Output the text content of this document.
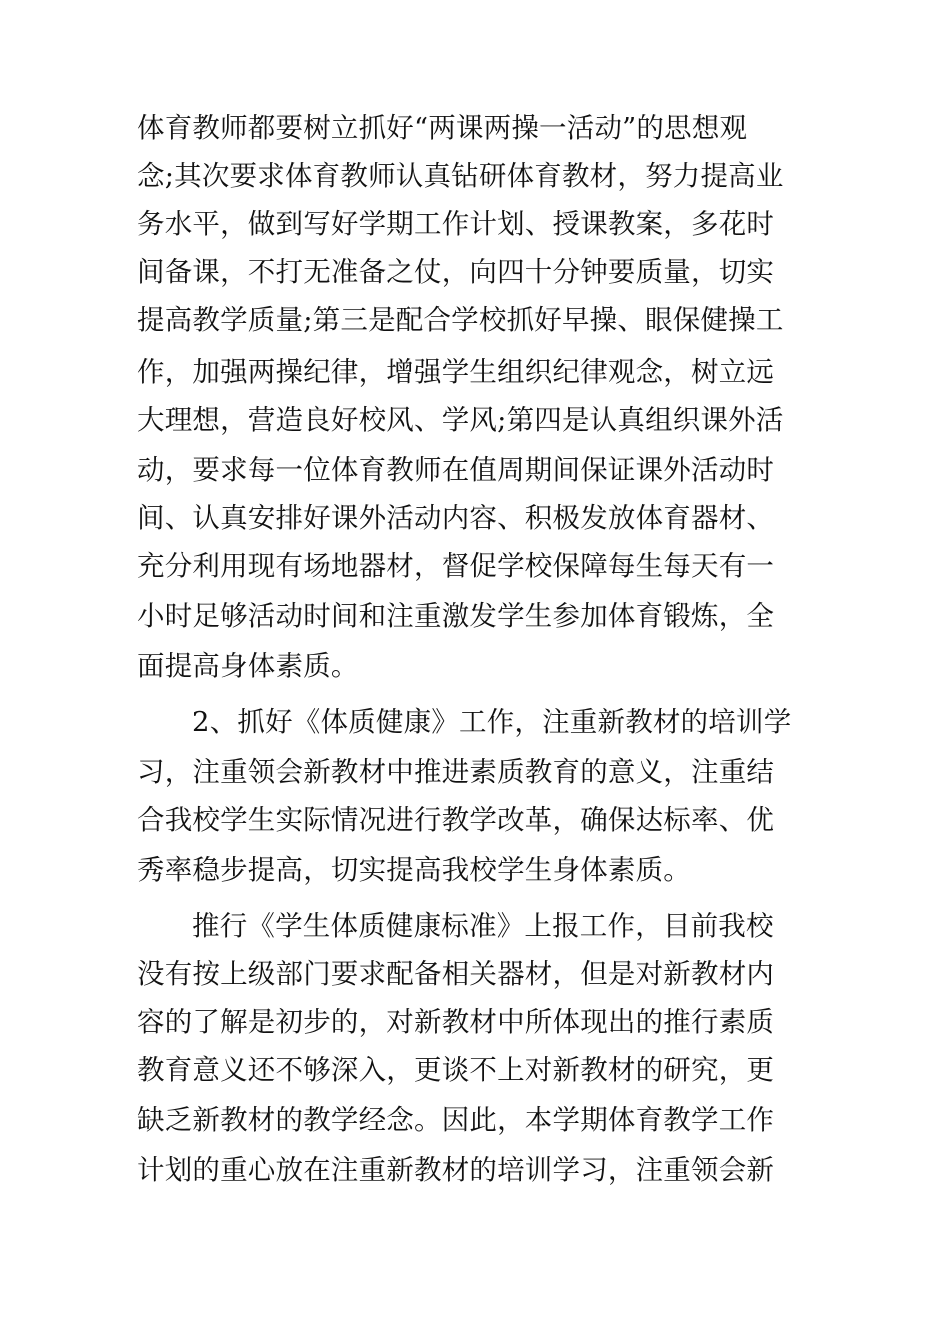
体育教师都要树立抓好“两课两操一活动”的思想观
念;其次要求体育教师认真钻研体育教材，努力提高业
务水平，做到写好学期工作计划、授课教案，多花时
间备课，不打无准备之仗，向四十分钟要质量，切实
提高教学质量;第三是配合学校抓好早操、眼保健操工
作，加强两操纪律，增强学生组织纪律观念，树立远
大理想，营造良好校风、学风;第四是认真组织课外活
动，要求每一位体育教师在值周期间保证课外活动时
间、认真安排好课外活动内容、积极发放体育器材、
充分利用现有场地器材，督促学校保障每生每天有一
小时足够活动时间和注重激发学生参加体育锻炼，全
面提高身体素质。
2、抓好《体质健康》工作，注重新教材的培训学
习，注重领会新教材中推进素质教育的意义，注重结
合我校学生实际情况进行教学改革，确保达标率、优
秀率稳步提高，切实提高我校学生身体素质。
推行《学生体质健康标准》上报工作，目前我校
没有按上级部门要求配备相关器材，但是对新教材内
容的了解是初步的，对新教材中所体现出的推行素质
教育意义还不够深入，更谈不上对新教材的研究，更
缺乏新教材的教学经念。因此，本学期体育教学工作
计划的重心放在注重新教材的培训学习，注重领会新
